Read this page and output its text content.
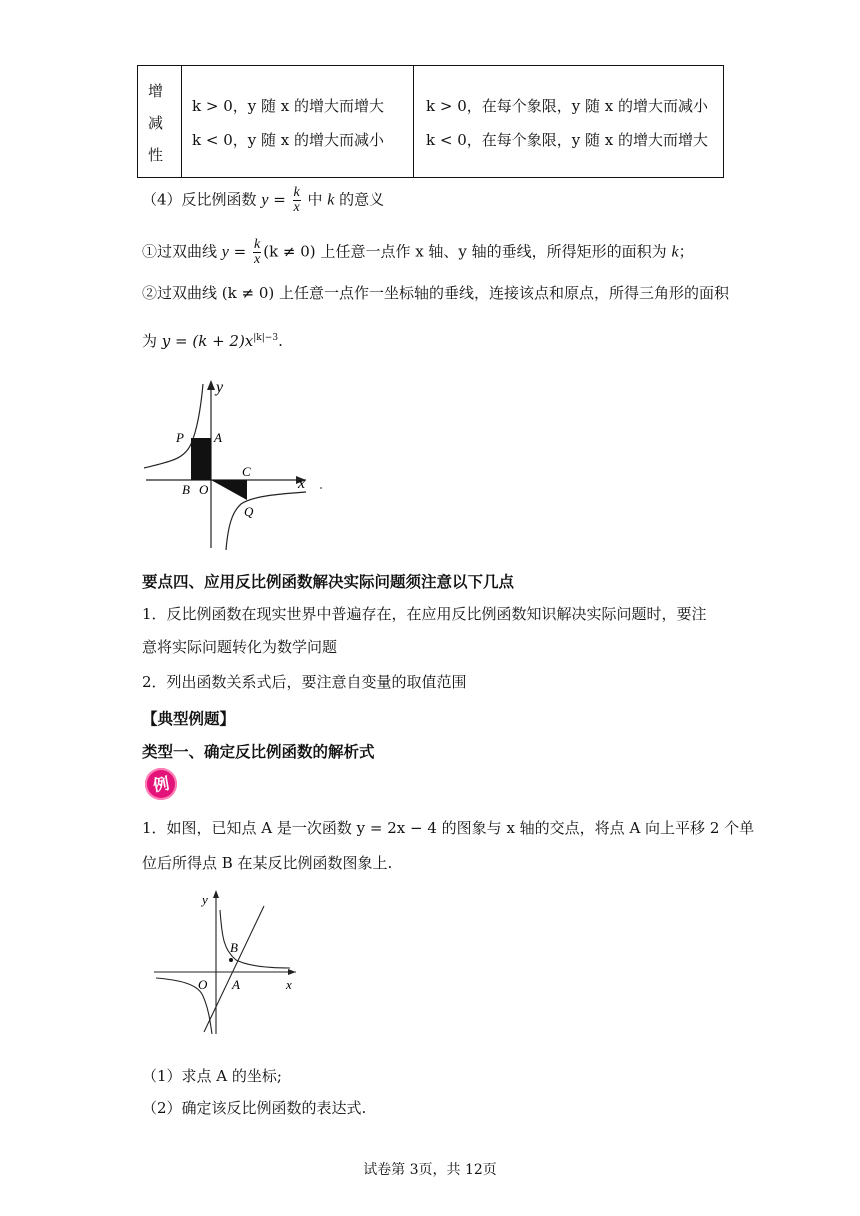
增
减
性
k > 0，y 随 x 的增大而增大
k < 0，y 随 x 的增大而减小
k > 0，在每个象限，y 随 x 的增大而减小
k < 0，在每个象限，y 随 x 的增大而增大
（4）反比例函数 $y = \frac{k}{x}$ 中 k 的意义
①过双曲线 $y = \frac{k}{x} (k \ne 0)$ 上任意一点作 x 轴、y 轴的垂线，所得矩形的面积为 k；
②过双曲线 (k ≠ 0) 上任意一点作一坐标轴的垂线，连接该点和原点，所得三角形的面积
为 $y = (k + 2)x^{|k|-3}$.
P A
B O
C
Q
x
y
要点四、应用反比例函数解决实际问题须注意以下几点
1．反比例函数在现实世界中普遍存在，在应用反比例函数知识解决实际问题时，要注
意将实际问题转化为数学问题
2．列出函数关系式后，要注意自变量的取值范围
【典型例题】
类型一、确定反比例函数的解析式
例
1．如图，已知点 A 是一次函数 y = 2x − 4 的图象与 x 轴的交点，将点 A 向上平移 2 个单
位后所得点 B 在某反比例函数图象上.
B
O A	x
y
（1）求点 A 的坐标;
（2）确定该反比例函数的表达式.
试卷第 3页，共 12页
